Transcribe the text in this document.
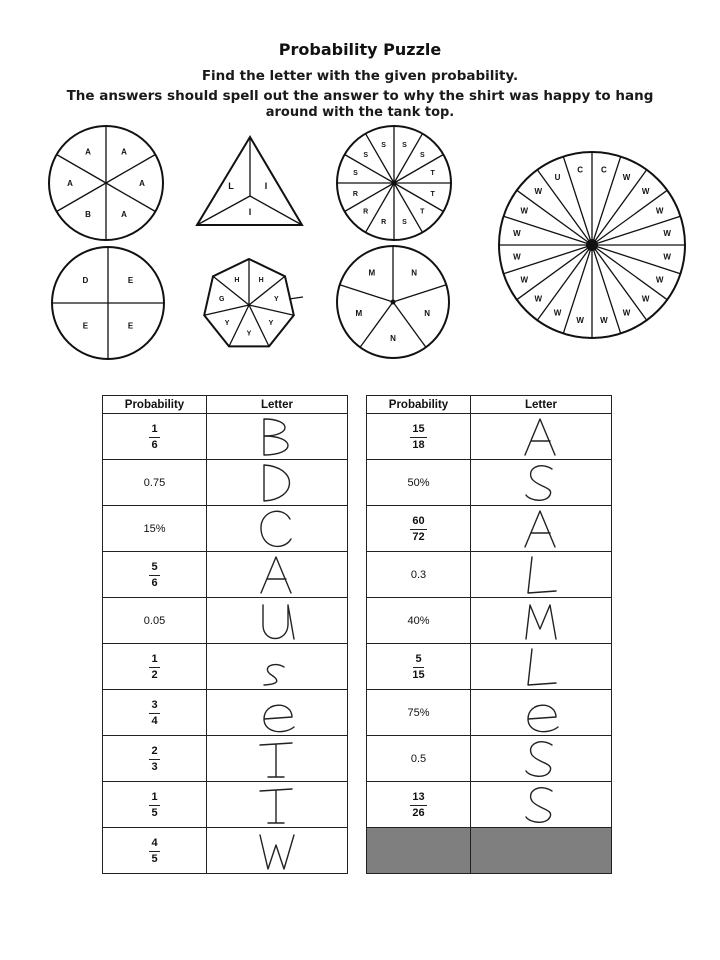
Probability Puzzle
Find the letter with the given probability.
The answers should spell out the answer to why the shirt was happy to hang
around with the tank top.
A
A
A
B
A
A
S
S
T
T
T
S
R
R
R
S
S
S
C
W
W
W
W
W
W
W
W
W
W
W
W
W
W
W
W
W
U
C
E
E
E
D
N
N
N
M
M
L	I
I
H
Y
Y
Y
Y
G
H
Probability	Letter

$\frac{1}{6}$	B

0.75	D

15%	C

$\frac{5}{6}$	A

0.05	U

$\frac{1}{2}$	s

$\frac{3}{4}$	e

$\frac{2}{3}$	T

$\frac{1}{5}$	T

$\frac{4}{5}$	W
Probability	Letter

$\frac{15}{18}$	A

50%	S

$\frac{60}{72}$	A

0.3	L

40%	M

$\frac{5}{15}$	L

75%	e

0.5	S

$\frac{13}{26}$	S
